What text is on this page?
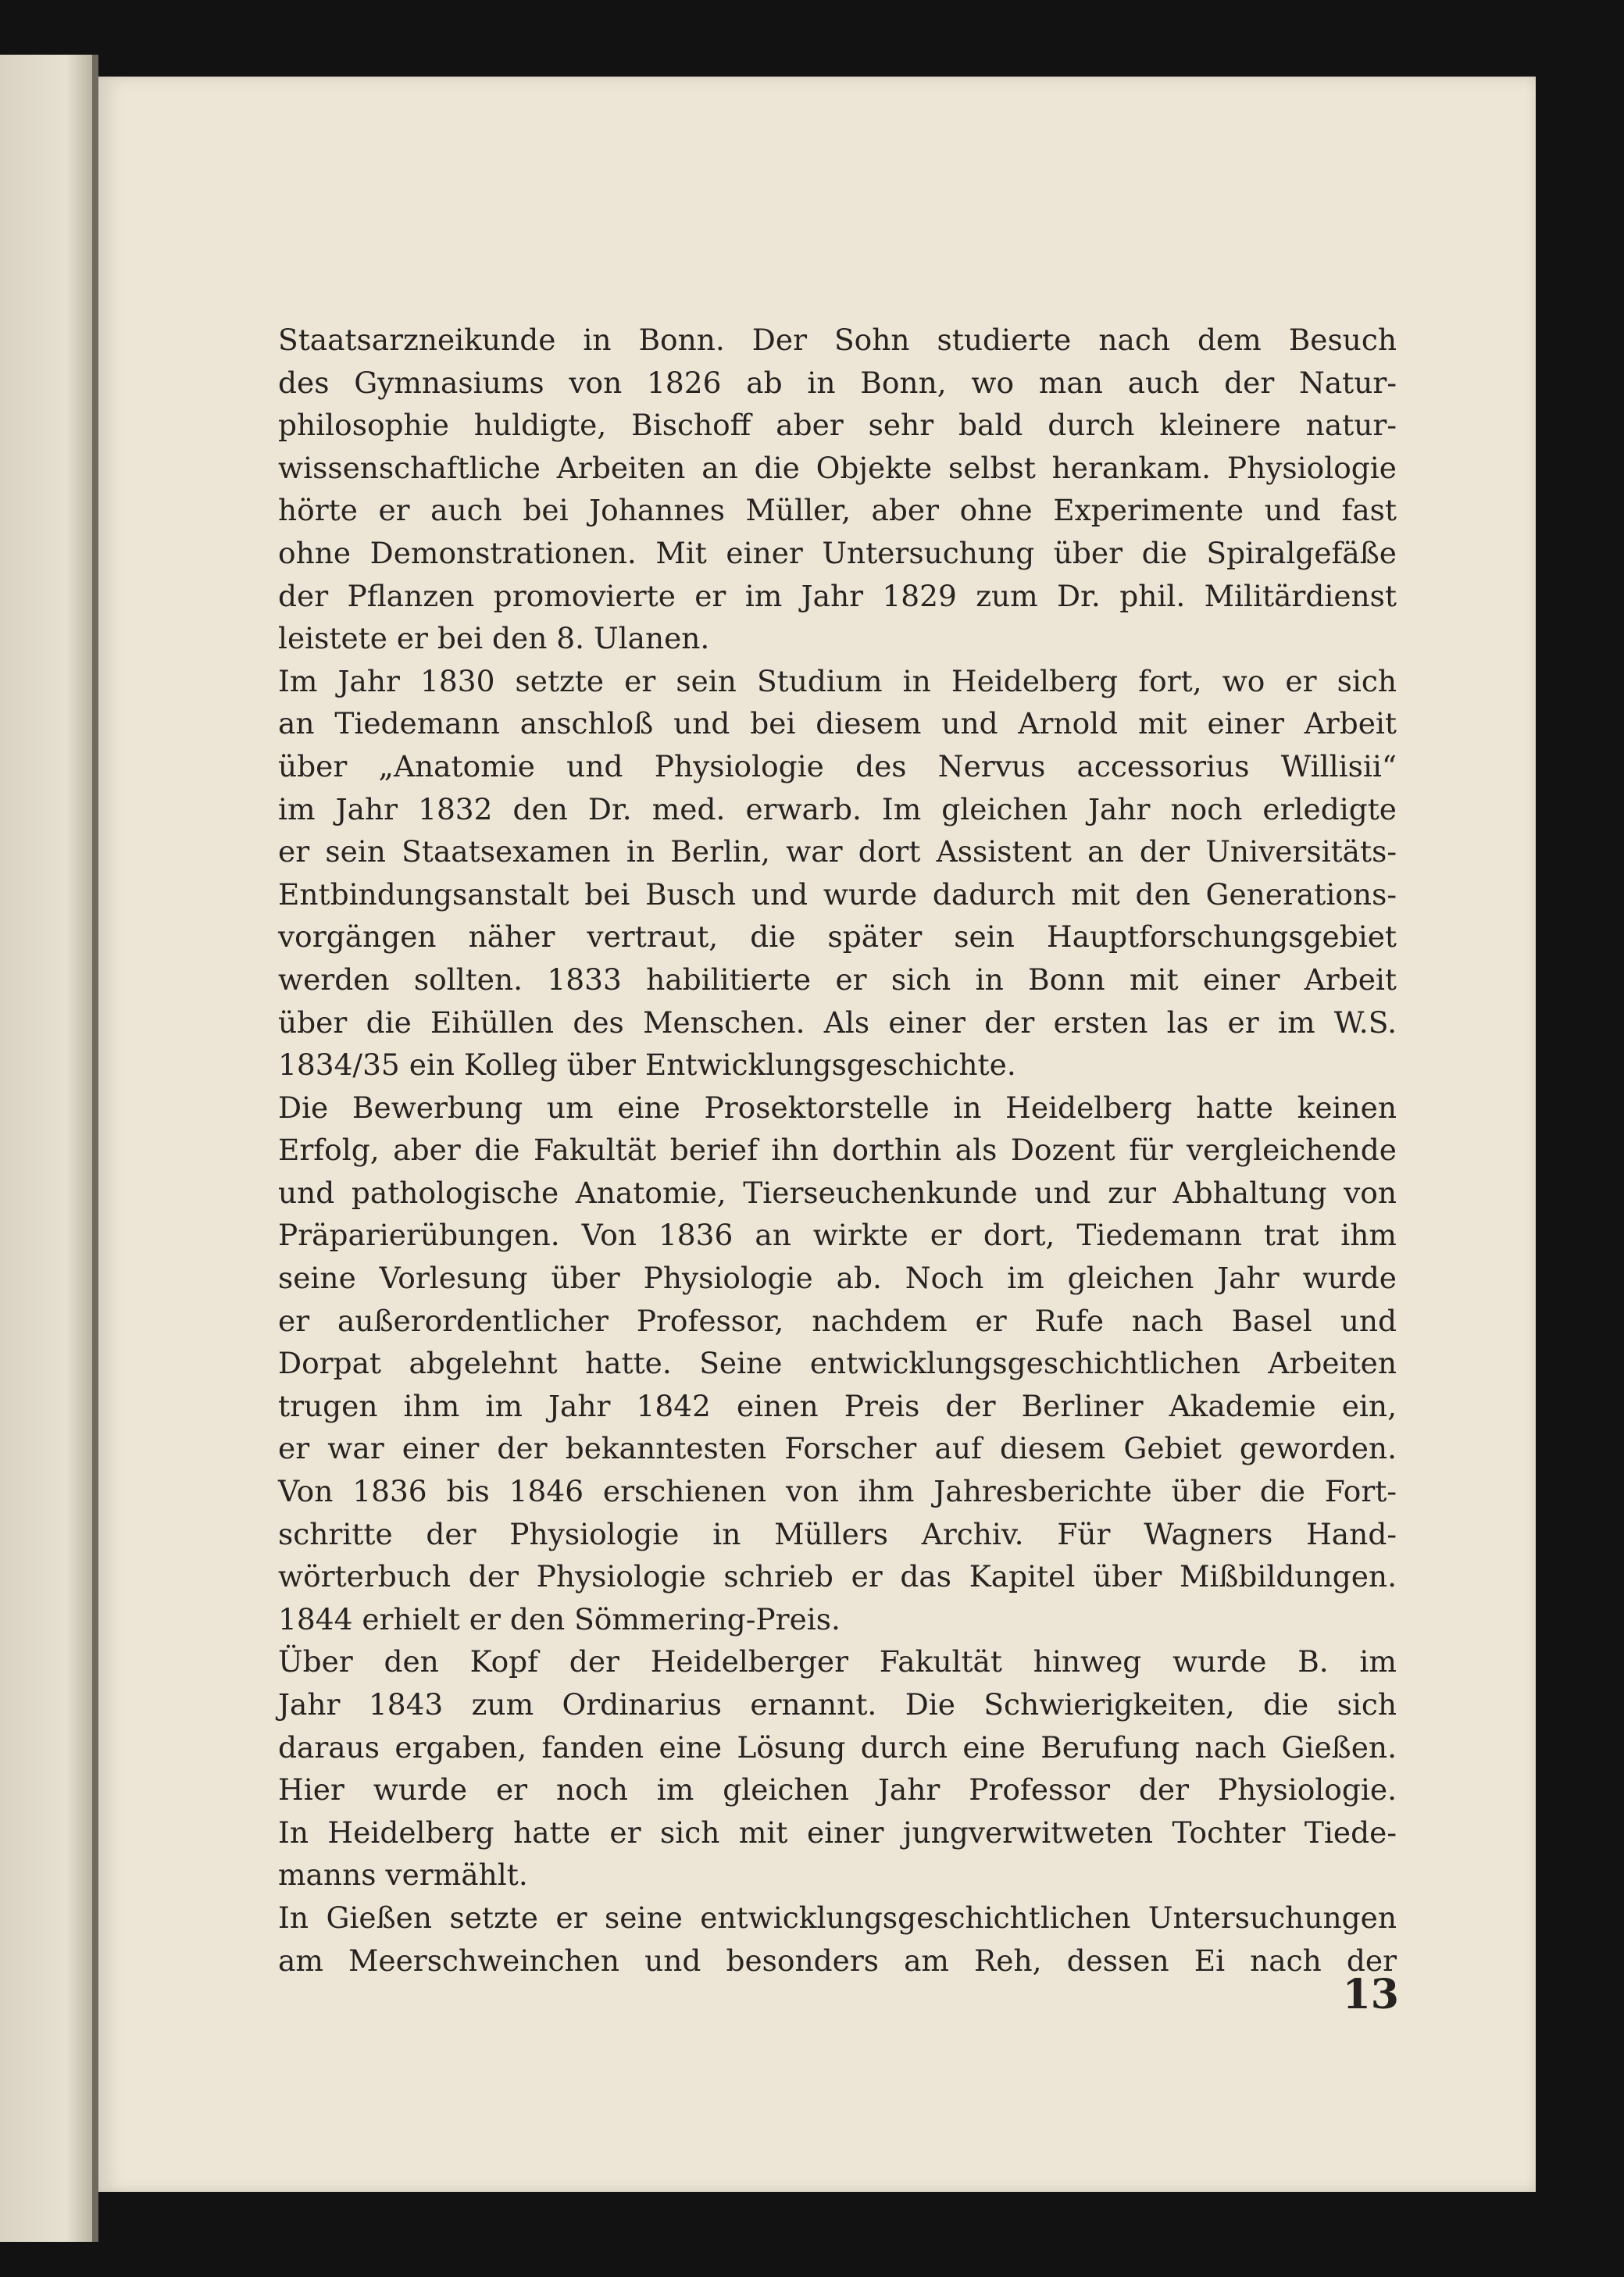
Staatsarzneikunde in Bonn. Der Sohn studierte nach dem Besuch
des Gymnasiums von 1826 ab in Bonn, wo man auch der Natur-
philosophie huldigte, Bischoff aber sehr bald durch kleinere natur-
wissenschaftliche Arbeiten an die Objekte selbst herankam. Physiologie
hörte er auch bei Johannes Müller, aber ohne Experimente und fast
ohne Demonstrationen. Mit einer Untersuchung über die Spiralgefäße
der Pflanzen promovierte er im Jahr 1829 zum Dr. phil. Militärdienst
leistete er bei den 8. Ulanen.
Im Jahr 1830 setzte er sein Studium in Heidelberg fort, wo er sich
an Tiedemann anschloß und bei diesem und Arnold mit einer Arbeit
über „Anatomie und Physiologie des Nervus accessorius Willisii“
im Jahr 1832 den Dr. med. erwarb. Im gleichen Jahr noch erledigte
er sein Staatsexamen in Berlin, war dort Assistent an der Universitäts-
Entbindungsanstalt bei Busch und wurde dadurch mit den Generations-
vorgängen näher vertraut, die später sein Hauptforschungsgebiet
werden sollten. 1833 habilitierte er sich in Bonn mit einer Arbeit
über die Eihüllen des Menschen. Als einer der ersten las er im W.S.
1834/35 ein Kolleg über Entwicklungsgeschichte.
Die Bewerbung um eine Prosektorstelle in Heidelberg hatte keinen
Erfolg, aber die Fakultät berief ihn dorthin als Dozent für vergleichende
und pathologische Anatomie, Tierseuchenkunde und zur Abhaltung von
Präparierübungen. Von 1836 an wirkte er dort, Tiedemann trat ihm
seine Vorlesung über Physiologie ab. Noch im gleichen Jahr wurde
er außerordentlicher Professor, nachdem er Rufe nach Basel und
Dorpat abgelehnt hatte. Seine entwicklungsgeschichtlichen Arbeiten
trugen ihm im Jahr 1842 einen Preis der Berliner Akademie ein,
er war einer der bekanntesten Forscher auf diesem Gebiet geworden.
Von 1836 bis 1846 erschienen von ihm Jahresberichte über die Fort-
schritte der Physiologie in Müllers Archiv. Für Wagners Hand-
wörterbuch der Physiologie schrieb er das Kapitel über Mißbildungen.
1844 erhielt er den Sömmering-Preis.
Über den Kopf der Heidelberger Fakultät hinweg wurde B. im
Jahr 1843 zum Ordinarius ernannt. Die Schwierigkeiten, die sich
daraus ergaben, fanden eine Lösung durch eine Berufung nach Gießen.
Hier wurde er noch im gleichen Jahr Professor der Physiologie.
In Heidelberg hatte er sich mit einer jungverwitweten Tochter Tiede-
manns vermählt.
In Gießen setzte er seine entwicklungsgeschichtlichen Untersuchungen
am Meerschweinchen und besonders am Reh, dessen Ei nach der
13
